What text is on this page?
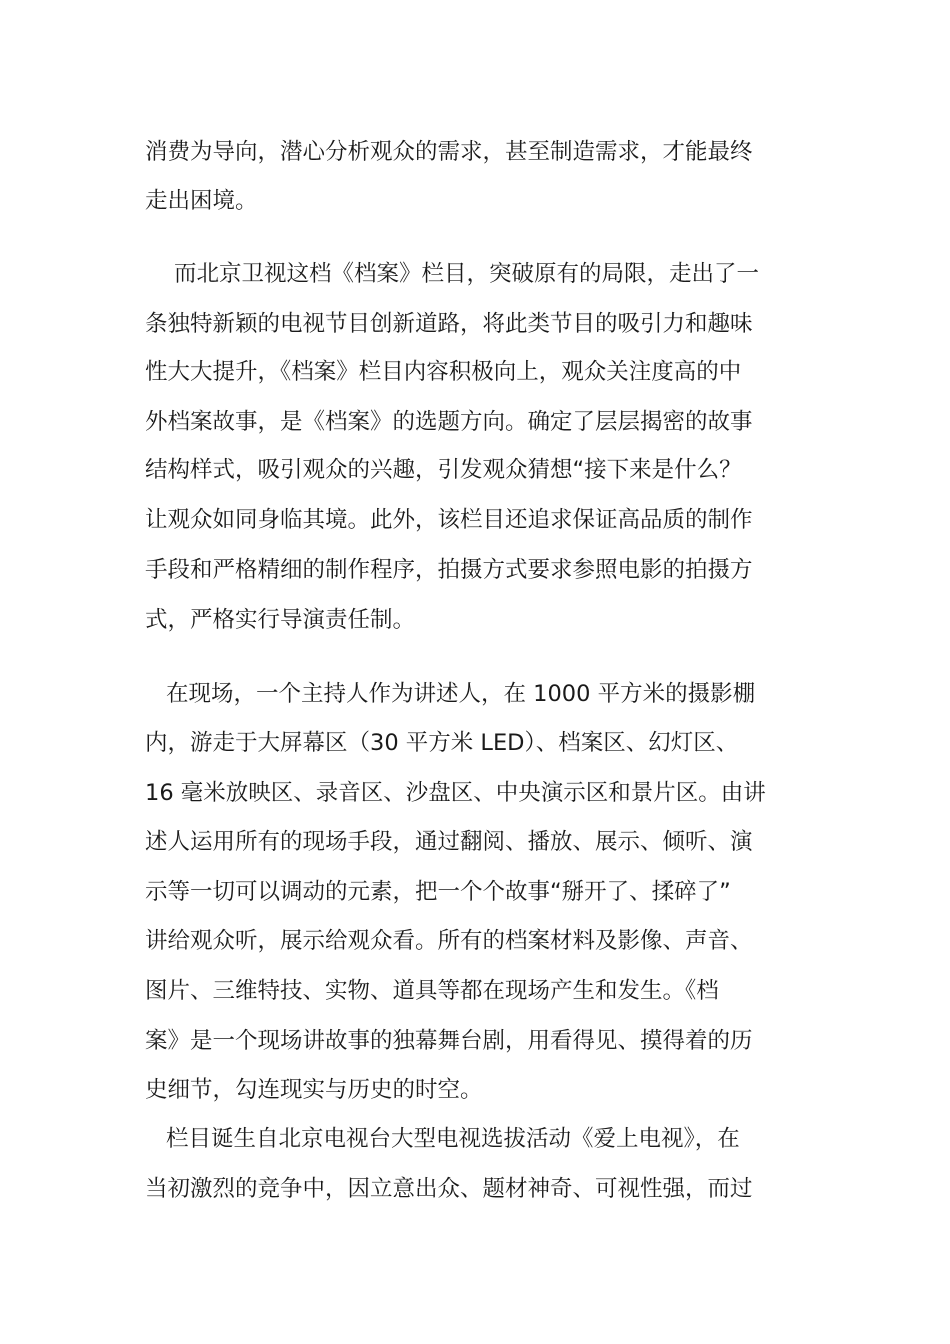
消费为导向，潜心分析观众的需求，甚至制造需求，才能最终
走出困境。
而北京卫视这档《档案》栏目，突破原有的局限，走出了一
条独特新颖的电视节目创新道路，将此类节目的吸引力和趣味
性大大提升，《档案》栏目内容积极向上，观众关注度高的中
外档案故事，是《档案》的选题方向。确定了层层揭密的故事
结构样式，吸引观众的兴趣，引发观众猜想“接下来是什么？
让观众如同身临其境。此外，该栏目还追求保证高品质的制作
手段和严格精细的制作程序，拍摄方式要求参照电影的拍摄方
式，严格实行导演责任制。
在现场，一个主持人作为讲述人，在 1000 平方米的摄影棚
内，游走于大屏幕区（30 平方米 LED）、档案区、幻灯区、
16 毫米放映区、录音区、沙盘区、中央演示区和景片区。由讲
述人运用所有的现场手段，通过翻阅、播放、展示、倾听、演
示等一切可以调动的元素，把一个个故事“掰开了、揉碎了”
讲给观众听，展示给观众看。所有的档案材料及影像、声音、
图片、三维特技、实物、道具等都在现场产生和发生。《档
案》是一个现场讲故事的独幕舞台剧，用看得见、摸得着的历
史细节，勾连现实与历史的时空。
栏目诞生自北京电视台大型电视选拔活动《爱上电视》，在
当初激烈的竞争中，因立意出众、题材神奇、可视性强，而过
